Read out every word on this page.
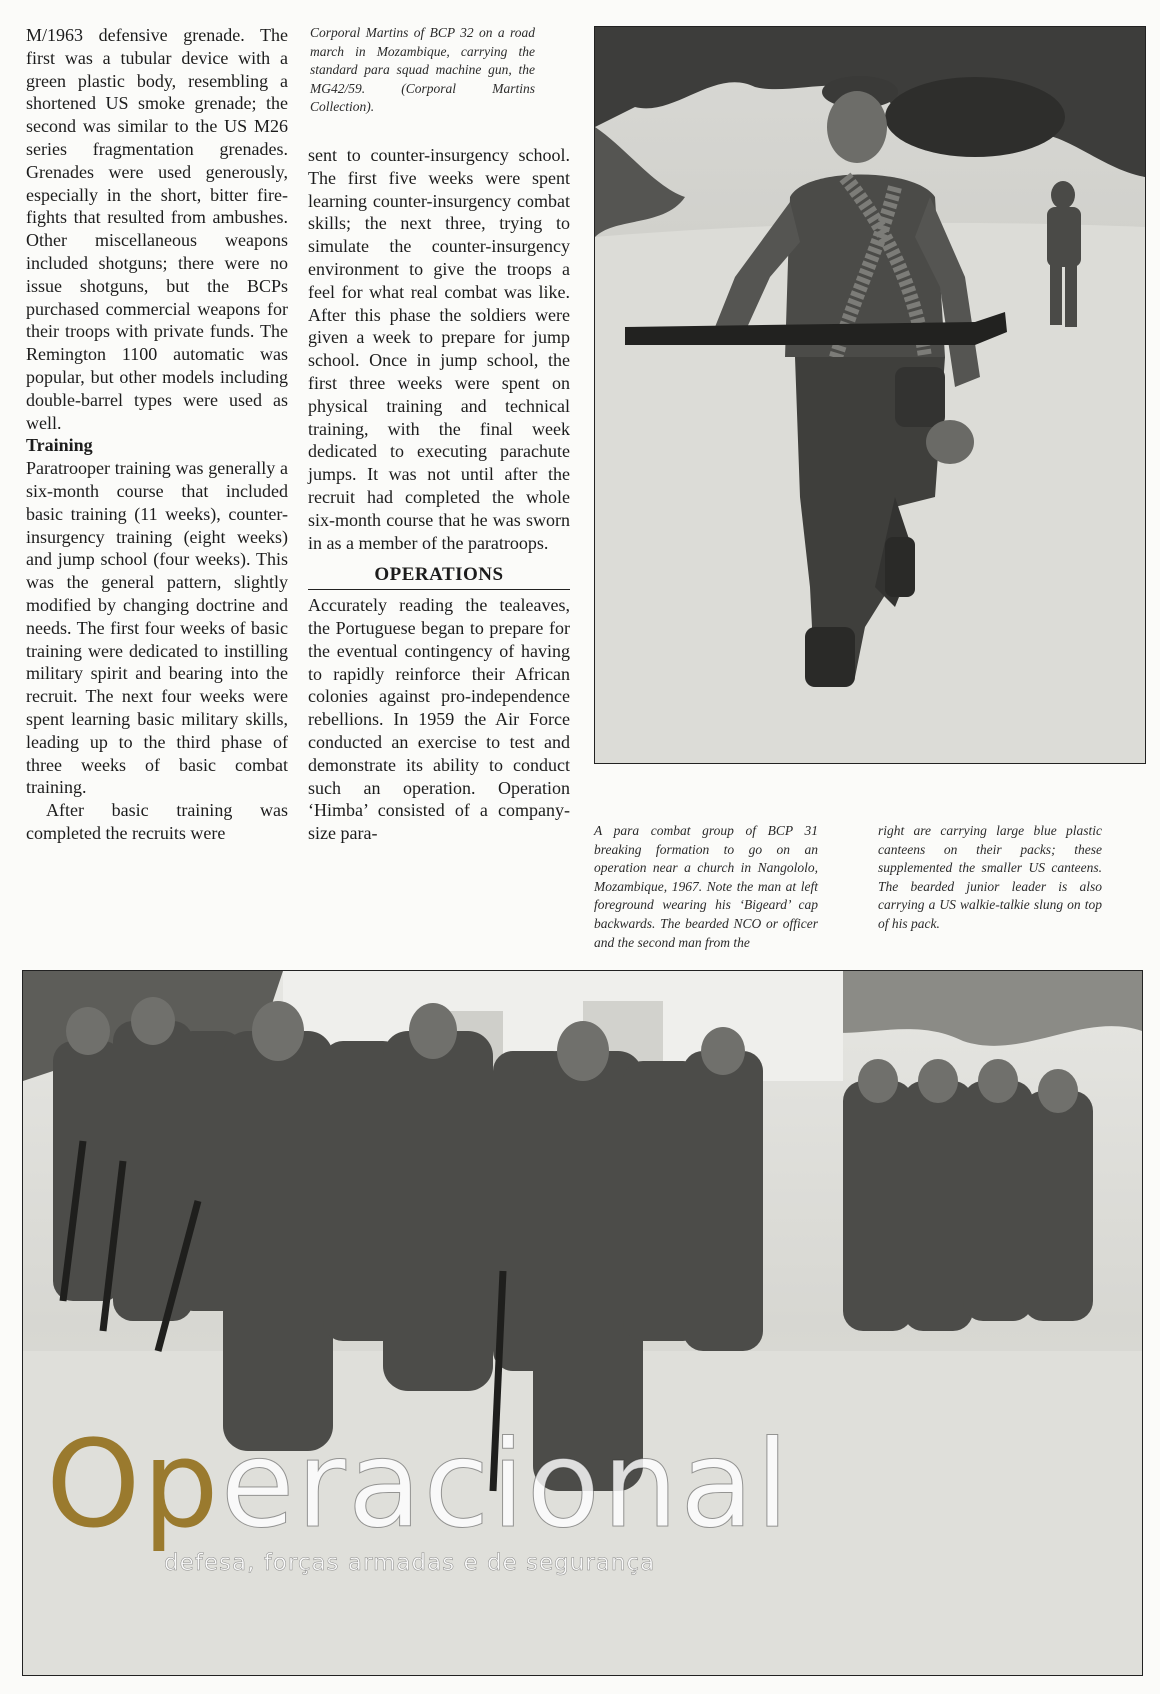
M/1963 defensive grenade. The first was a tubular device with a green plastic body, resembling a shortened US smoke grenade; the second was similar to the US M26 series fragmentation grenades. Grenades were used generously, especially in the short, bitter fire-fights that resulted from ambushes. Other miscellaneous weapons included shotguns; there were no issue shotguns, but the BCPs purchased commercial weapons for their troops with private funds. The Remington 1100 automatic was popular, but other models including double-barrel types were used as well.

Training

Paratrooper training was generally a six-month course that included basic training (11 weeks), counter-insurgency training (eight weeks) and jump school (four weeks). This was the general pattern, slightly modified by changing doctrine and needs. The first four weeks of basic training were dedicated to instilling military spirit and bearing into the recruit. The next four weeks were spent learning basic military skills, leading up to the third phase of three weeks of basic combat training.

After basic training was completed the recruits were

Corporal Martins of BCP 32 on a road march in Mozambique, carrying the standard para squad machine gun, the MG42/59. (Corporal Martins Collection).

sent to counter-insurgency school. The first five weeks were spent learning counter-insurgency combat skills; the next three, trying to simulate the counter-insurgency environment to give the troops a feel for what real combat was like. After this phase the soldiers were given a week to prepare for jump school. Once in jump school, the first three weeks were spent on physical training and technical training, with the final week dedicated to executing parachute jumps. It was not until after the recruit had completed the whole six-month course that he was sworn in as a member of the paratroops.

OPERATIONS

Accurately reading the tealeaves, the Portuguese began to prepare for the eventual contingency of having to rapidly reinforce their African colonies against pro-independence rebellions. In 1959 the Air Force conducted an exercise to test and demonstrate its ability to conduct such an operation. Operation ‘Himba’ consisted of a company-size para-	A para combat group of BCP 31 breaking formation to go on an operation near a church in Nangololo, Mozambique, 1967. Note the man at left foreground wearing his ‘Bigeard’ cap backwards. The bearded NCO or officer and the second man from the
right are carrying large blue plastic canteens on their packs; these supplemented the smaller US canteens. The bearded junior leader is also carrying a US walkie-talkie slung on top of his pack.
Operacional
defesa, forças armadas e de segurança
